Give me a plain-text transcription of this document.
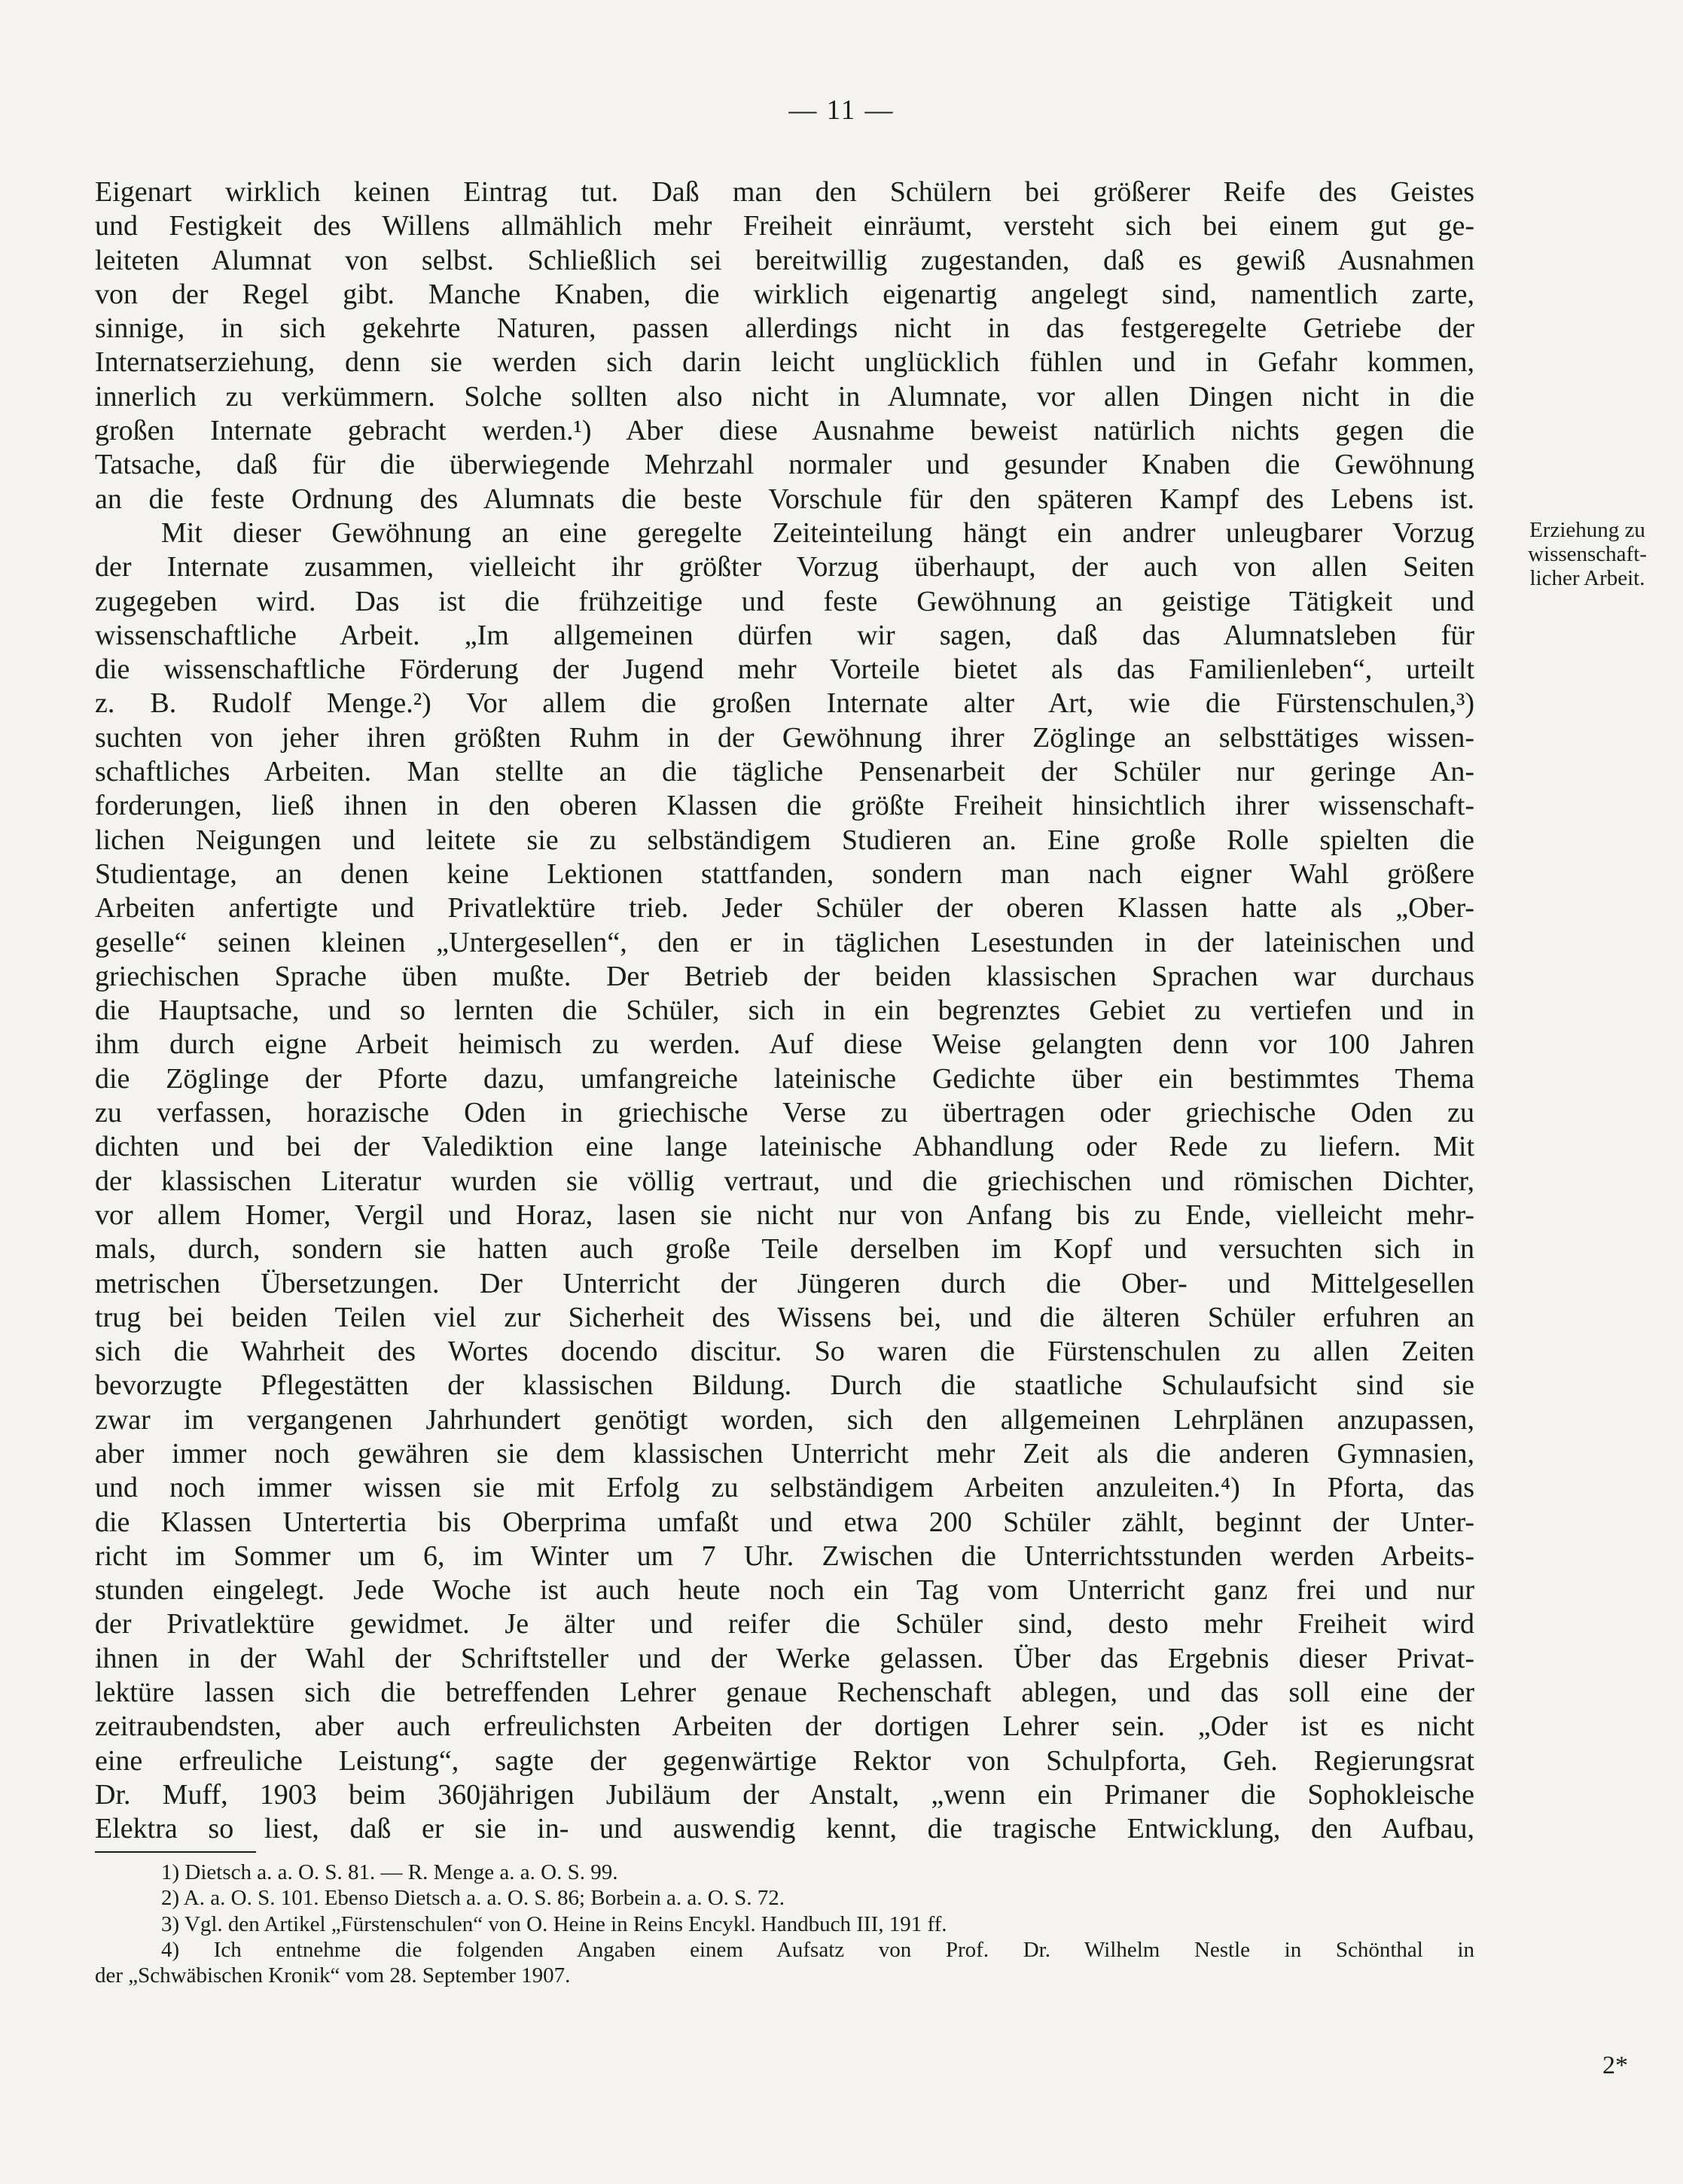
— 11 —
Erziehung zu
wissenschaft-
licher Arbeit.
Eigenart wirklich keinen Eintrag tut. Daß man den Schülern bei größerer Reife des Geistes
und Festigkeit des Willens allmählich mehr Freiheit einräumt, versteht sich bei einem gut ge-
leiteten Alumnat von selbst. Schließlich sei bereitwillig zugestanden, daß es gewiß Ausnahmen
von der Regel gibt. Manche Knaben, die wirklich eigenartig angelegt sind, namentlich zarte,
sinnige, in sich gekehrte Naturen, passen allerdings nicht in das festgeregelte Getriebe der
Internatserziehung, denn sie werden sich darin leicht unglücklich fühlen und in Gefahr kommen,
innerlich zu verkümmern. Solche sollten also nicht in Alumnate, vor allen Dingen nicht in die
großen Internate gebracht werden.¹) Aber diese Ausnahme beweist natürlich nichts gegen die
Tatsache, daß für die überwiegende Mehrzahl normaler und gesunder Knaben die Gewöhnung
an die feste Ordnung des Alumnats die beste Vorschule für den späteren Kampf des Lebens ist.
Mit dieser Gewöhnung an eine geregelte Zeiteinteilung hängt ein andrer unleugbarer Vorzug
der Internate zusammen, vielleicht ihr größter Vorzug überhaupt, der auch von allen Seiten
zugegeben wird. Das ist die frühzeitige und feste Gewöhnung an geistige Tätigkeit und
wissenschaftliche Arbeit. „Im allgemeinen dürfen wir sagen, daß das Alumnatsleben für
die wissenschaftliche Förderung der Jugend mehr Vorteile bietet als das Familienleben“, urteilt
z. B. Rudolf Menge.²) Vor allem die großen Internate alter Art, wie die Fürstenschulen,³)
suchten von jeher ihren größten Ruhm in der Gewöhnung ihrer Zöglinge an selbsttätiges wissen-
schaftliches Arbeiten. Man stellte an die tägliche Pensenarbeit der Schüler nur geringe An-
forderungen, ließ ihnen in den oberen Klassen die größte Freiheit hinsichtlich ihrer wissenschaft-
lichen Neigungen und leitete sie zu selbständigem Studieren an. Eine große Rolle spielten die
Studientage, an denen keine Lektionen stattfanden, sondern man nach eigner Wahl größere
Arbeiten anfertigte und Privatlektüre trieb. Jeder Schüler der oberen Klassen hatte als „Ober-
geselle“ seinen kleinen „Untergesellen“, den er in täglichen Lesestunden in der lateinischen und
griechischen Sprache üben mußte. Der Betrieb der beiden klassischen Sprachen war durchaus
die Hauptsache, und so lernten die Schüler, sich in ein begrenztes Gebiet zu vertiefen und in
ihm durch eigne Arbeit heimisch zu werden. Auf diese Weise gelangten denn vor 100 Jahren
die Zöglinge der Pforte dazu, umfangreiche lateinische Gedichte über ein bestimmtes Thema
zu verfassen, horazische Oden in griechische Verse zu übertragen oder griechische Oden zu
dichten und bei der Valediktion eine lange lateinische Abhandlung oder Rede zu liefern. Mit
der klassischen Literatur wurden sie völlig vertraut, und die griechischen und römischen Dichter,
vor allem Homer, Vergil und Horaz, lasen sie nicht nur von Anfang bis zu Ende, vielleicht mehr-
mals, durch, sondern sie hatten auch große Teile derselben im Kopf und versuchten sich in
metrischen Übersetzungen. Der Unterricht der Jüngeren durch die Ober- und Mittelgesellen
trug bei beiden Teilen viel zur Sicherheit des Wissens bei, und die älteren Schüler erfuhren an
sich die Wahrheit des Wortes docendo discitur. So waren die Fürstenschulen zu allen Zeiten
bevorzugte Pflegestätten der klassischen Bildung. Durch die staatliche Schulaufsicht sind sie
zwar im vergangenen Jahrhundert genötigt worden, sich den allgemeinen Lehrplänen anzupassen,
aber immer noch gewähren sie dem klassischen Unterricht mehr Zeit als die anderen Gymnasien,
und noch immer wissen sie mit Erfolg zu selbständigem Arbeiten anzuleiten.⁴) In Pforta, das
die Klassen Untertertia bis Oberprima umfaßt und etwa 200 Schüler zählt, beginnt der Unter-
richt im Sommer um 6, im Winter um 7 Uhr. Zwischen die Unterrichtsstunden werden Arbeits-
stunden eingelegt. Jede Woche ist auch heute noch ein Tag vom Unterricht ganz frei und nur
der Privatlektüre gewidmet. Je älter und reifer die Schüler sind, desto mehr Freiheit wird
ihnen in der Wahl der Schriftsteller und der Werke gelassen. Über das Ergebnis dieser Privat-
lektüre lassen sich die betreffenden Lehrer genaue Rechenschaft ablegen, und das soll eine der
zeitraubendsten, aber auch erfreulichsten Arbeiten der dortigen Lehrer sein. „Oder ist es nicht
eine erfreuliche Leistung“, sagte der gegenwärtige Rektor von Schulpforta, Geh. Regierungsrat
Dr. Muff, 1903 beim 360jährigen Jubiläum der Anstalt, „wenn ein Primaner die Sophokleische
Elektra so liest, daß er sie in- und auswendig kennt, die tragische Entwicklung, den Aufbau,
1) Dietsch a. a. O. S. 81. — R. Menge a. a. O. S. 99.
2) A. a. O. S. 101. Ebenso Dietsch a. a. O. S. 86; Borbein a. a. O. S. 72.
3) Vgl. den Artikel „Fürstenschulen“ von O. Heine in Reins Encykl. Handbuch III, 191 ff.
4) Ich entnehme die folgenden Angaben einem Aufsatz von Prof. Dr. Wilhelm Nestle in Schönthal in
der „Schwäbischen Kronik“ vom 28. September 1907.
2*
